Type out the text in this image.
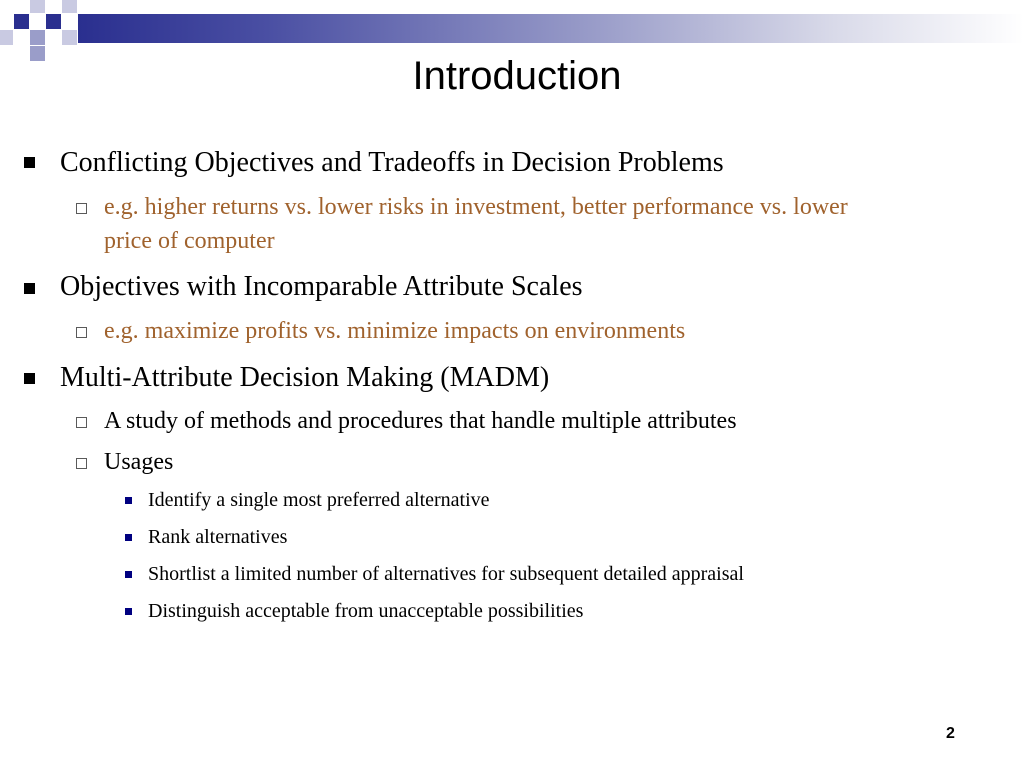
Introduction
Conflicting Objectives and Tradeoffs in Decision Problems
e.g. higher returns vs. lower risks in investment, better performance vs. lower
price of computer
Objectives with Incomparable Attribute Scales
e.g. maximize profits vs. minimize impacts on environments
Multi-Attribute Decision Making (MADM)
A study of methods and procedures that handle multiple attributes
Usages
Identify a single most preferred alternative
Rank alternatives
Shortlist a limited number of alternatives for subsequent detailed appraisal
Distinguish acceptable from unacceptable possibilities
2
